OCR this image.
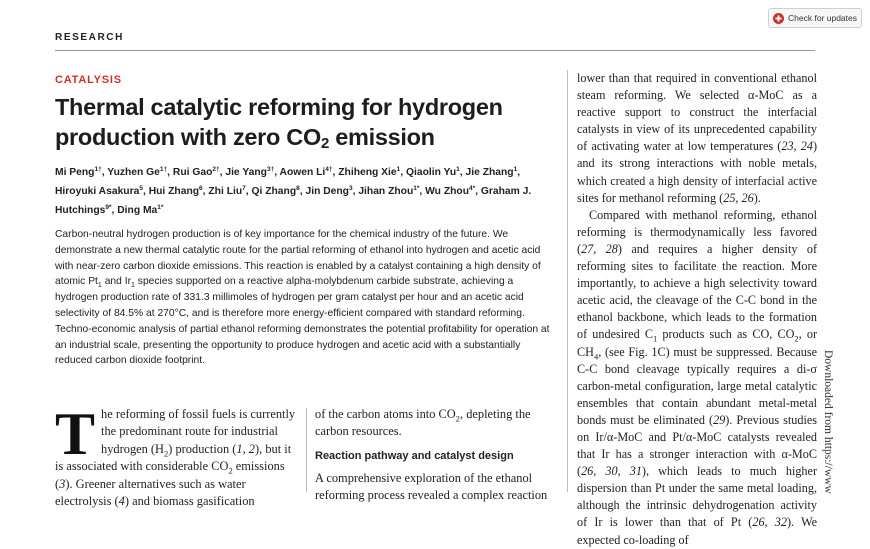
Check for updates
RESEARCH
CATALYSIS
Thermal catalytic reforming for hydrogen production with zero $CO_2$ emission
Mi Peng$^{1\dagger}$, Yuzhen $Ge^{1\dagger}$, Rui Gao$^{2\dagger}$, Jie Yang$^{3\dagger}$, Aowen $Li^{4\dagger}$, Zhiheng Xie$^1$, Qiaolin Yu$^1$, Jie Zhang$^1$, Hiroyuki Asakura$^5$, Hui Zhang$^6$, Zhi Liu$^7$, Qi Zhang$^8$, Jin Deng$^3$, Jihan Zhou$^{1*}$, Wu Zhou$^{4*}$, Graham J. Hutchings$^{9*}$, Ding $Ma^{1*}$
Carbon-neutral hydrogen production is of key importance for the chemical industry of the future. We demonstrate a new thermal catalytic route for the partial reforming of ethanol into hydrogen and acetic acid with near-zero carbon dioxide emissions. This reaction is enabled by a catalyst containing a high density of atomic $Pt_1$ and $Ir_1$ species supported on a reactive alpha-molybdenum carbide substrate, achieving a hydrogen production rate of 331.3 millimoles of hydrogen per gram catalyst per hour and an acetic acid selectivity of 84.5% at 270°C, and is therefore more energy-efficient compared with standard reforming. Techno-economic analysis of partial ethanol reforming demonstrates the potential profitability for operation at an industrial scale, presenting the opportunity to produce hydrogen and acetic acid with a substantially reduced carbon dioxide footprint.
The reforming of fossil fuels is currently the predominant route for industrial hydrogen $(H_2)$ production (1, 2), but it is associated with considerable $CO_2$ emissions (3). Greener alternatives such as water electrolysis (4) and biomass gasification
of the carbon atoms into $CO_2$, depleting the carbon resources.
Reaction pathway and catalyst design
A comprehensive exploration of the ethanol reforming process revealed a complex reaction

lower than that required in conventional ethanol steam reforming. We selected α-MoC as a reactive support to construct the interfacial catalysts in view of its unprecedented capability of activating water at low temperatures (23, 24) and its strong interactions with noble metals, which created a high density of interfacial active sites for methanol reforming (25, 26).

Compared with methanol reforming, ethanol reforming is thermodynamically less favored (27, 28) and requires a higher density of reforming sites to facilitate the reaction. More importantly, to achieve a high selectivity toward acetic acid, the cleavage of the C-C bond in the ethanol backbone, which leads to the formation of undesired $C_1$ products such as CO, $CO_2$, or $CH_4$, (see Fig. 1C) must be suppressed. Because C-C bond cleavage typically requires a di-σ carbon-metal configuration, large metal catalytic ensembles that contain abundant metal-metal bonds must be eliminated (29). Previous studies on Ir/α-MoC and Pt/α-MoC catalysts revealed that Ir has a stronger interaction with α-MoC (26, 30, 31), which leads to much higher dispersion than Pt under the same metal loading, although the intrinsic dehydrogenation activity of Ir is lower than that of Pt (26, 32). We expected co-loading of

Downloaded from https://www
